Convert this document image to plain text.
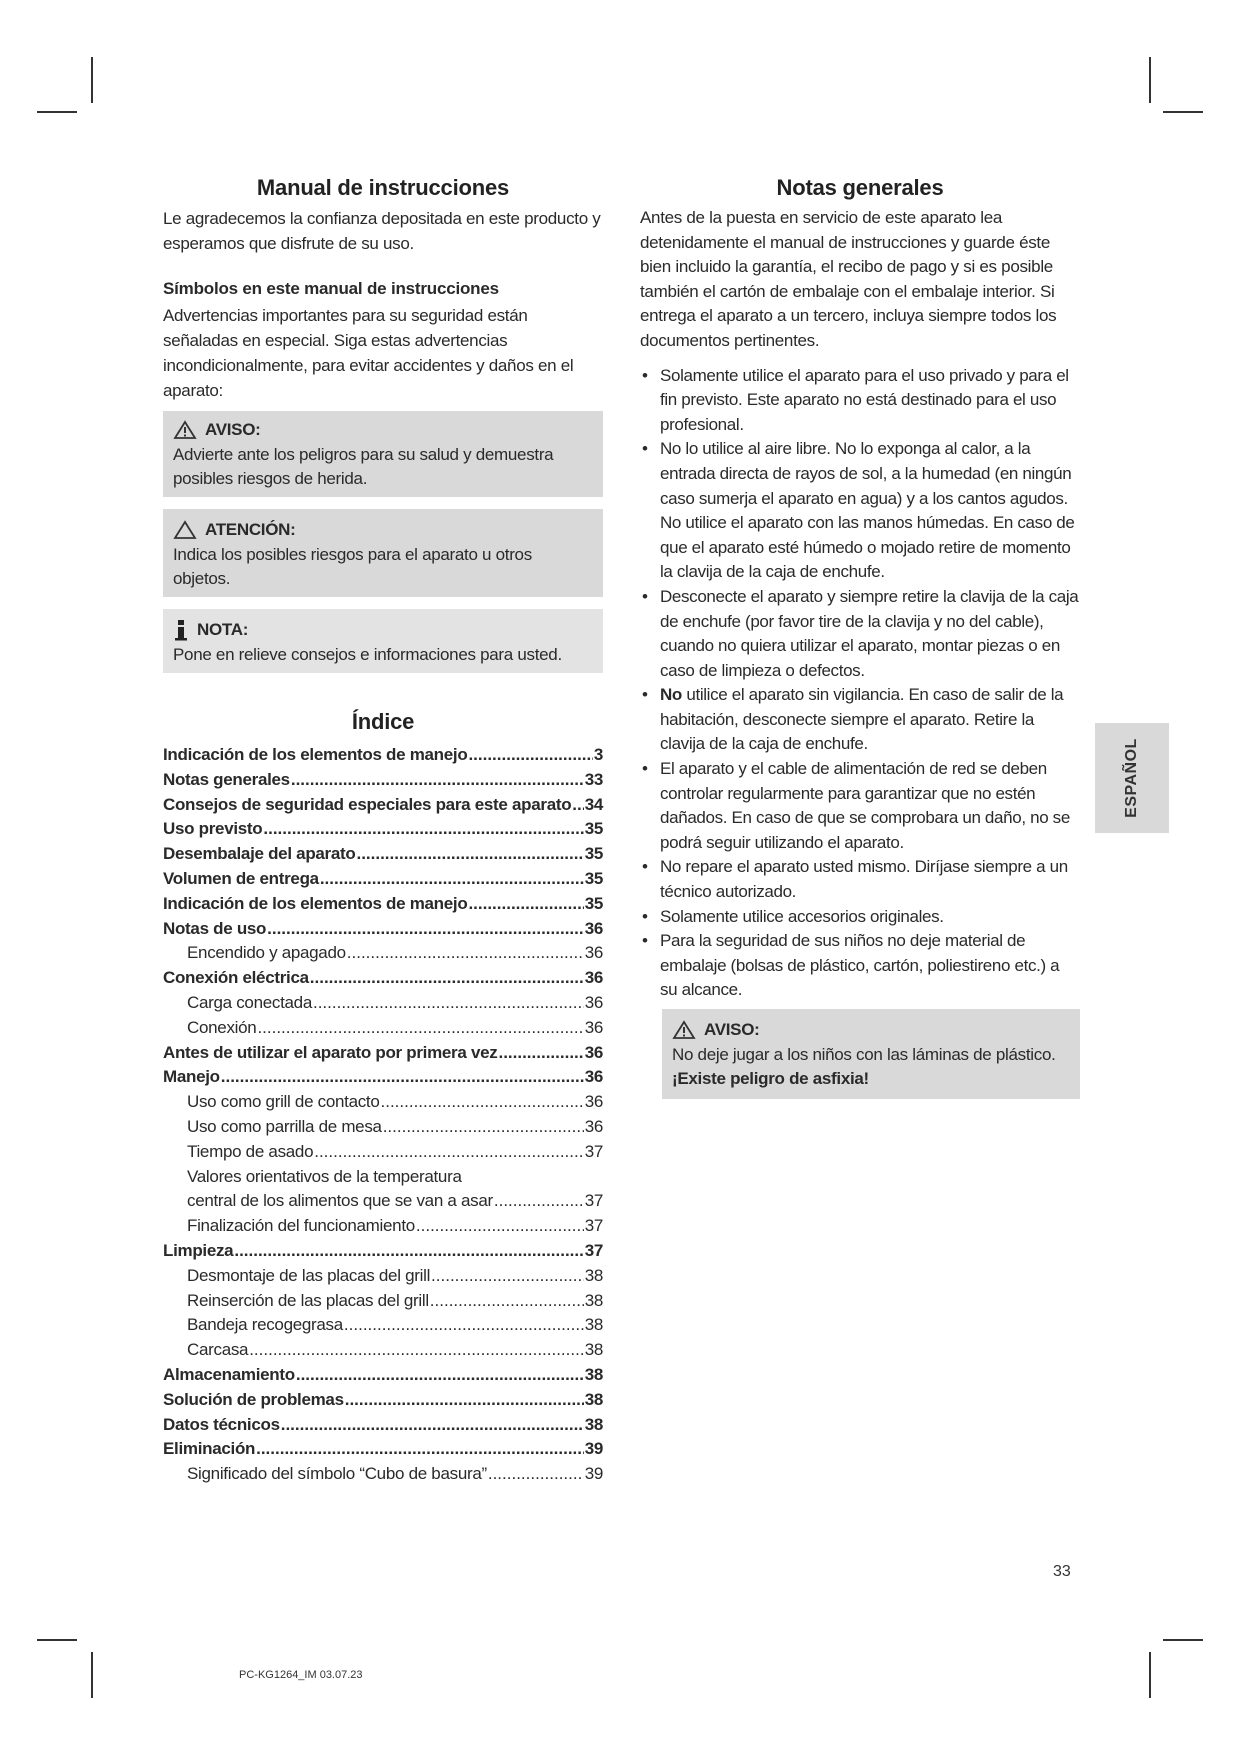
Manual de instrucciones

Le agradecemos la confianza depositada en este producto y esperamos que disfrute de su uso.

Símbolos en este manual de instrucciones

Advertencias importantes para su seguridad están señaladas en especial. Siga estas advertencias incondicionalmente, para evitar accidentes y daños en el aparato:

AVISO:
Advierte ante los peligros para su salud y demuestra posibles riesgos de herida.
ATENCIÓN:
Indica los posibles riesgos para el aparato u otros objetos.
NOTA:
Pone en relieve consejos e informaciones para usted.
Índice
Indicación de los elementos de manejo .....	3
Notas generales .....	33
Consejos de seguridad especiales para este aparato ..... 34
Uso previsto .....	35
Desembalaje del aparato .....	35
Volumen de entrega .....	35
Indicación de los elementos de manejo .....	35
Notas de uso .....	36
Encendido y apagado .....	36
Conexión eléctrica .....	36
Carga conectada .....	36
Conexión .....	36
Antes de utilizar el aparato por primera vez .....	36
Manejo .....	36
Uso como grill de contacto .....	36
Uso como parrilla de mesa .....	36
Tiempo de asado .....	37
Valores orientativos de la temperatura
central de los alimentos que se van a asar .....	37
Finalización del funcionamiento .....	37
Limpieza .....	37
Desmontaje de las placas del grill .....	38
Reinserción de las placas del grill .....	38
Bandeja recogegrasa .....	38
Carcasa .....	38
Almacenamiento .....	38
Solución de problemas .....	38
Datos técnicos .....	38
Eliminación .....	39
Significado del símbolo “Cubo de basura” .....	39
Notas generales

Antes de la puesta en servicio de este aparato lea detenidamente el manual de instrucciones y guarde éste bien incluido la garantía, el recibo de pago y si es posible también el cartón de embalaje con el embalaje interior. Si entrega el aparato a un tercero, incluya siempre todos los documentos pertinentes.

• Solamente utilice el aparato para el uso privado y para el fin previsto. Este aparato no está destinado para el uso profesional.
• No lo utilice al aire libre. No lo exponga al calor, a la entrada directa de rayos de sol, a la humedad (en ningún caso sumerja el aparato en agua) y a los cantos agudos. No utilice el aparato con las manos húmedas. En caso de que el aparato esté húmedo o mojado retire de momento la clavija de la caja de enchufe.
• Desconecte el aparato y siempre retire la clavija de la caja de enchufe (por favor tire de la clavija y no del cable), cuando no quiera utilizar el aparato, montar piezas o en caso de limpieza o defectos.
• No utilice el aparato sin vigilancia. En caso de salir de la habitación, desconecte siempre el aparato. Retire la clavija de la caja de enchufe.
• El aparato y el cable de alimentación de red se deben controlar regularmente para garantizar que no estén dañados. En caso de que se comprobara un daño, no se podrá seguir utilizando el aparato.
• No repare el aparato usted mismo. Diríjase siempre a un técnico autorizado.
• Solamente utilice accesorios originales.
• Para la seguridad de sus niños no deje material de embalaje (bolsas de plástico, cartón, poliestireno etc.) a su alcance.
AVISO:
No deje jugar a los niños con las láminas de plástico.
¡Existe peligro de asfixia!
ESPAÑOL
33
PC-KG1264_IM 03.07.23
